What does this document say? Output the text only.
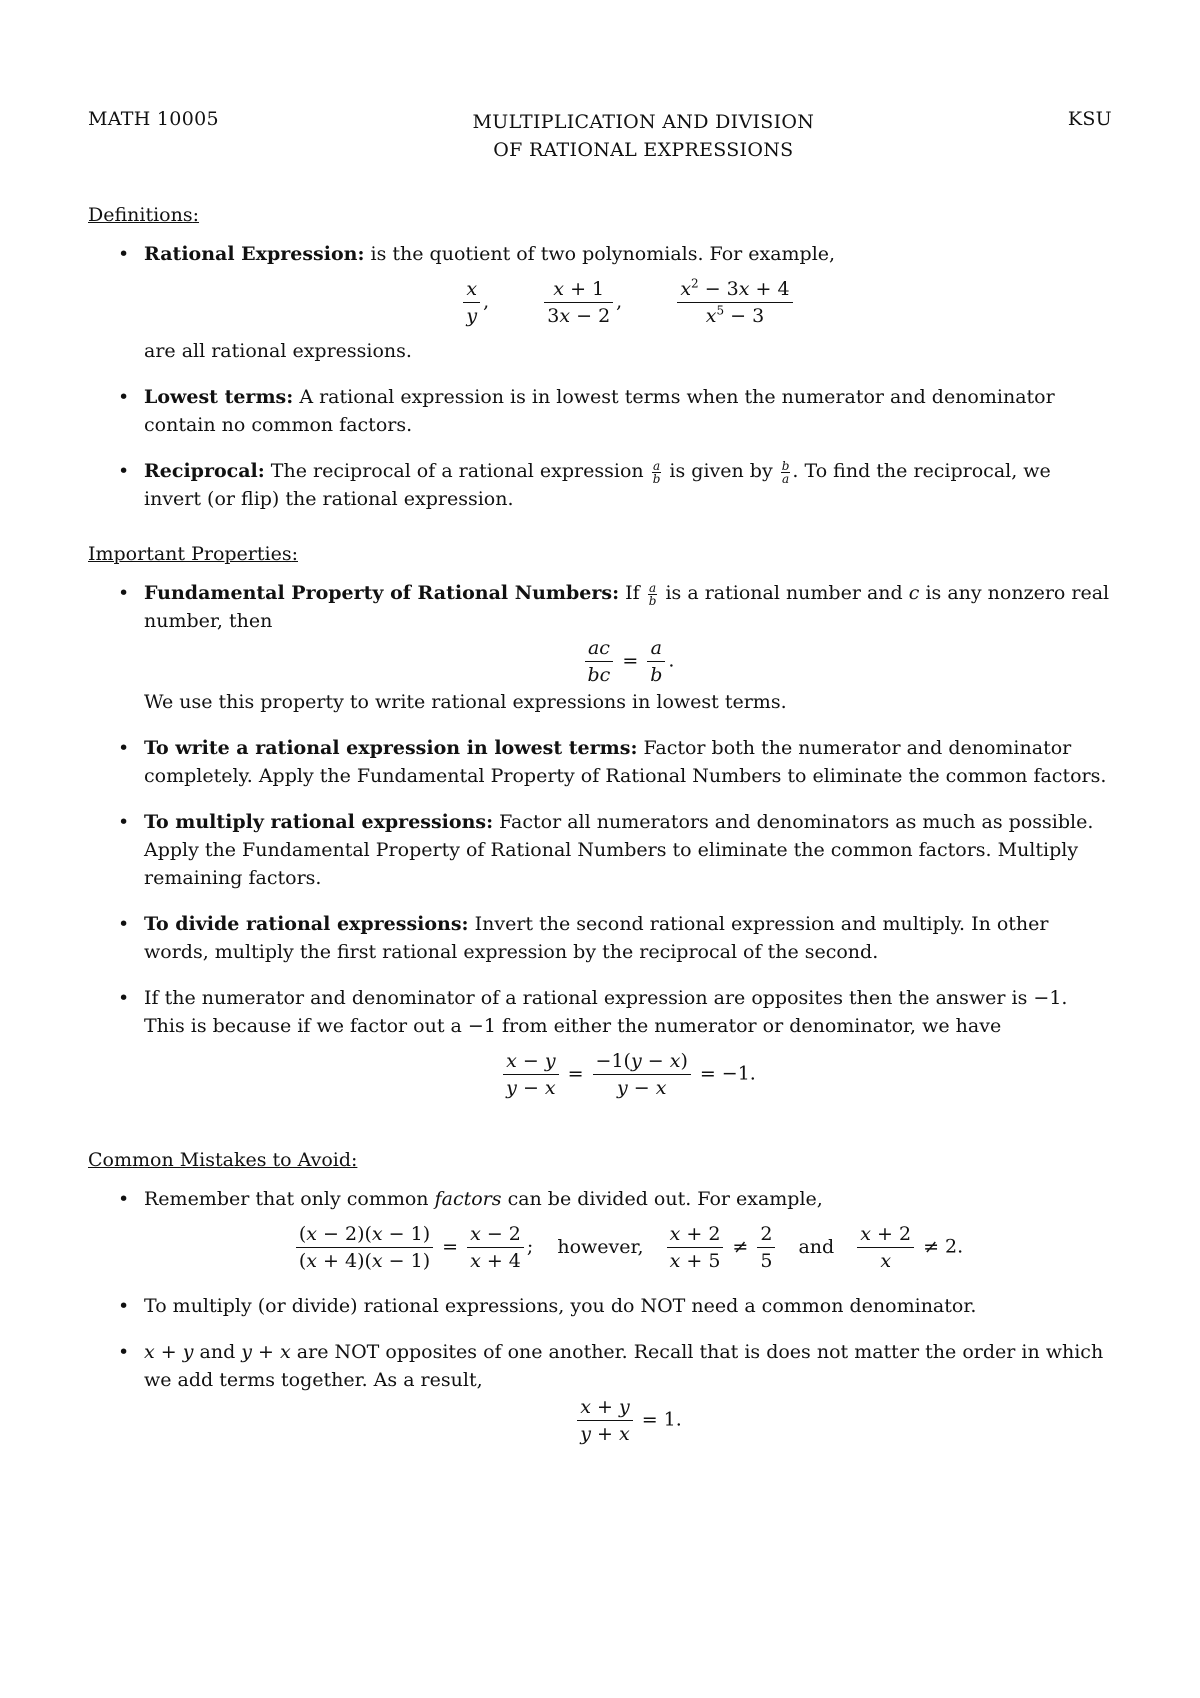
MATH 10005	MULTIPLICATION AND DIVISION
OF RATIONAL EXPRESSIONS
KSU
Definitions:
• Rational Expression: is the quotient of two polynomials. For example,
$\frac{x}{y}$ ,	$\frac{x + 1}{3x - 2}$ ,	$\frac{x^2 - 3x + 4}{x^5 - 3}$
are all rational expressions.
• Lowest terms: A rational expression is in lowest terms when the numerator and denominator contain no common factors.
• Reciprocal: The reciprocal of a rational expression $\frac{a}{b}$ is given by $\frac{b}{a}$ . To find the reciprocal, we invert (or flip) the rational expression.
Important Properties:
• Fundamental Property of Rational Numbers: If $\frac{a}{b}$ is a rational number and c is any nonzero real number, then
$\frac{ac}{bc} = \frac{a}{b}$ .
We use this property to write rational expressions in lowest terms.
• To write a rational expression in lowest terms: Factor both the numerator and denominator completely. Apply the Fundamental Property of Rational Numbers to eliminate the common factors.
• To multiply rational expressions: Factor all numerators and denominators as much as possible. Apply the Fundamental Property of Rational Numbers to eliminate the common factors. Multiply remaining factors.
• To divide rational expressions: Invert the second rational expression and multiply. In other words, multiply the first rational expression by the reciprocal of the second.
• If the numerator and denominator of a rational expression are opposites then the answer is −1. This is because if we factor out a −1 from either the numerator or denominator, we have
$\frac{x - y}{y - x} = \frac{-1(y - x)}{y - x} = -1$.
Common Mistakes to Avoid:
• Remember that only common factors can be divided out. For example,
$\frac{(x - 2)(x - 1)}{(x + 4)(x - 1)} = \frac{x - 2}{x + 4}$ ; however, $\frac{x + 2}{x + 5} \ne \frac{2}{5}$ and $\frac{x + 2}{x} \ne 2$.
• To multiply (or divide) rational expressions, you do NOT need a common denominator.
• x + y and y + x are NOT opposites of one another. Recall that is does not matter the order in which we add terms together. As a result,
$\frac{x + y}{y + x} = 1$.
